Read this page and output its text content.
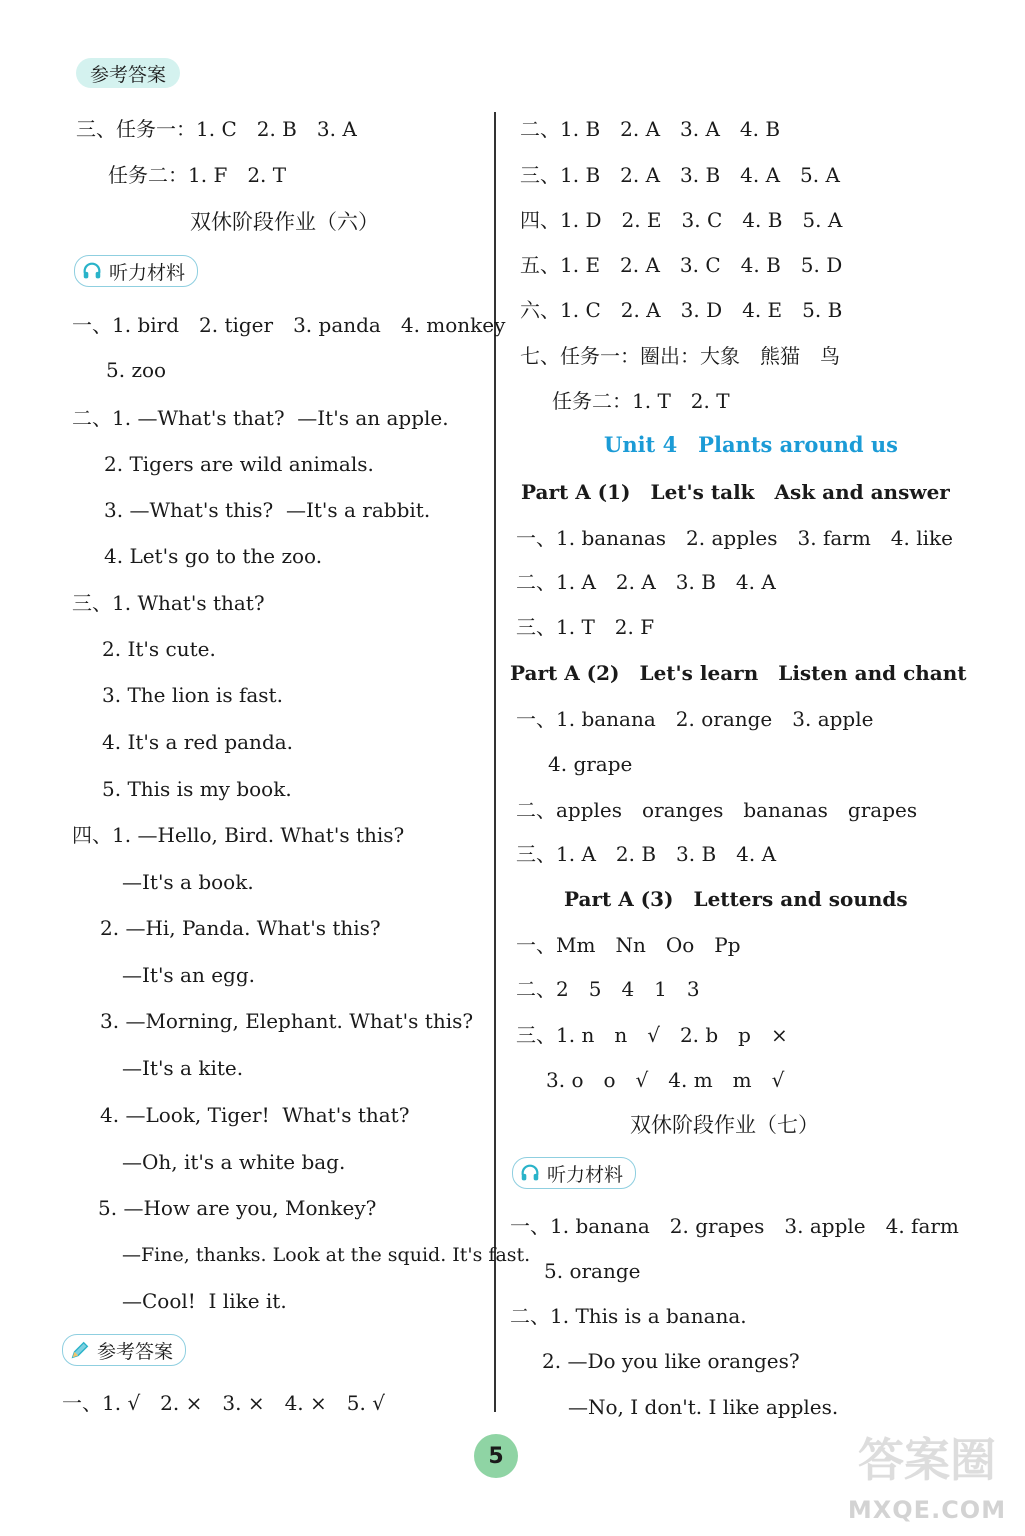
参考答案

三、任务一：1. C　2. B　3. A

任务二：1. F　2. T

双休阶段作业（六）

听力材料

一、1. bird　2. tiger　3. panda　4. monkey

5. zoo

二、1. —What's that?  —It's an apple.

2. Tigers are wild animals.

3. —What's this?  —It's a rabbit.

4. Let's go to the zoo.

三、1. What's that?

2. It's cute.

3. The lion is fast.

4. It's a red panda.

5. This is my book.

四、1. —Hello, Bird. What's this?

—It's a book.

2. —Hi, Panda. What's this?

—It's an egg.

3. —Morning, Elephant. What's this?

—It's a kite.

4. —Look, Tiger!  What's that?

—Oh, it's a white bag.

5. —How are you, Monkey?

—Fine, thanks. Look at the squid. It's fast.

—Cool!  I like it.

参考答案

一、1. √　2. ×　3. ×　4. ×　5. √

二、1. B　2. A　3. A　4. B

三、1. B　2. A　3. B　4. A　5. A

四、1. D　2. E　3. C　4. B　5. A

五、1. E　2. A　3. C　4. B　5. D

六、1. C　2. A　3. D　4. E　5. B

七、任务一：圈出：大象　熊猫　鸟

任务二：1. T　2. T

Unit 4　Plants around us

Part A (1)　Let's talk　Ask and answer

一、1. bananas　2. apples　3. farm　4. like

二、1. A　2. A　3. B　4. A

三、1. T　2. F

Part A (2)　Let's learn　Listen and chant

一、1. banana　2. orange　3. apple

4. grape

二、apples　oranges　bananas　grapes

三、1. A　2. B　3. B　4. A

Part A (3)　Letters and sounds

一、Mm　Nn　Oo　Pp

二、2　5　4　1　3

三、1. n　n　√　2. b　p　×

3. o　o　√　4. m　m　√

双休阶段作业（七）

听力材料

一、1. banana　2. grapes　3. apple　4. farm

5. orange

二、1. This is a banana.

2. —Do you like oranges?

—No, I don't. I like apples.

5	答案圈
MXQE.COM
